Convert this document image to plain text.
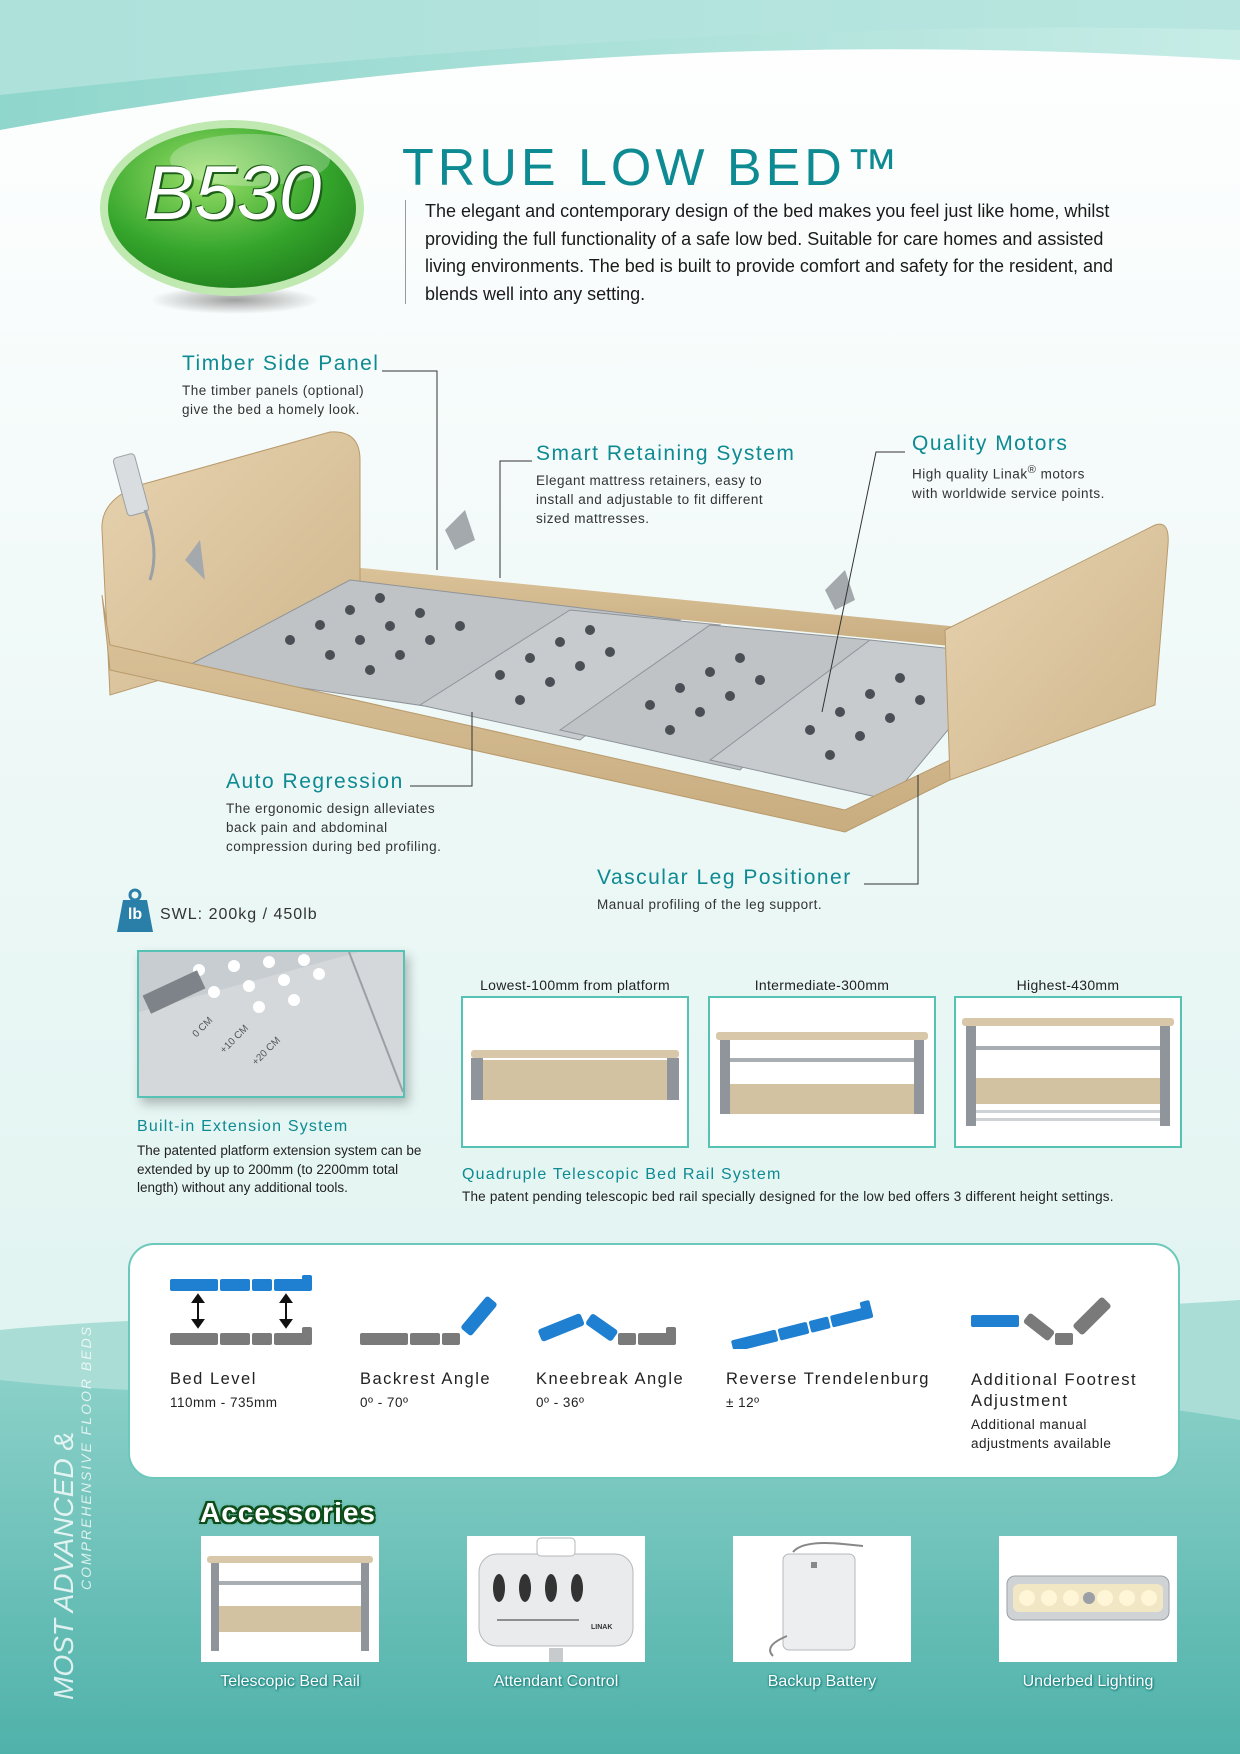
B530	TRUE LOW BED™
The elegant and contemporary design of the bed makes you feel just like home, whilst providing the full functionality of a safe low bed. Suitable for care homes and assisted living environments. The bed is built to provide comfort and safety for the resident, and blends well into any setting.
Timber Side Panel
The timber panels (optional) give the bed a homely look.
Smart Retaining System
Elegant mattress retainers, easy to install and adjustable to fit different sized mattresses.
Quality Motors
High quality Linak® motors with worldwide service points.
Auto Regression
The ergonomic design alleviates back pain and abdominal compression during bed profiling.
Vascular Leg Positioner
Manual profiling of the leg support.
lb	SWL: 200kg / 450lb
0 CM +10 CM +20 CM
Built-in Extension System
The patented platform extension system can be extended by up to 200mm (to 2200mm total length) without any additional tools.
Lowest-100mm from platform	Intermediate-300mm	Highest-430mm
Quadruple Telescopic Bed Rail System
The patent pending telescopic bed rail specially designed for the low bed offers 3 different height settings.
Bed Level
110mm - 735mm
Backrest Angle
0º - 70º
Kneebreak Angle
0º - 36º
Reverse Trendelenburg
± 12º
Additional Footrest Adjustment
Additional manual adjustments available
MOST ADVANCED & COMPREHENSIVE FLOOR BEDS	Accessories
LINAK
Telescopic Bed Rail	Attendant Control	Backup Battery	Underbed Lighting
